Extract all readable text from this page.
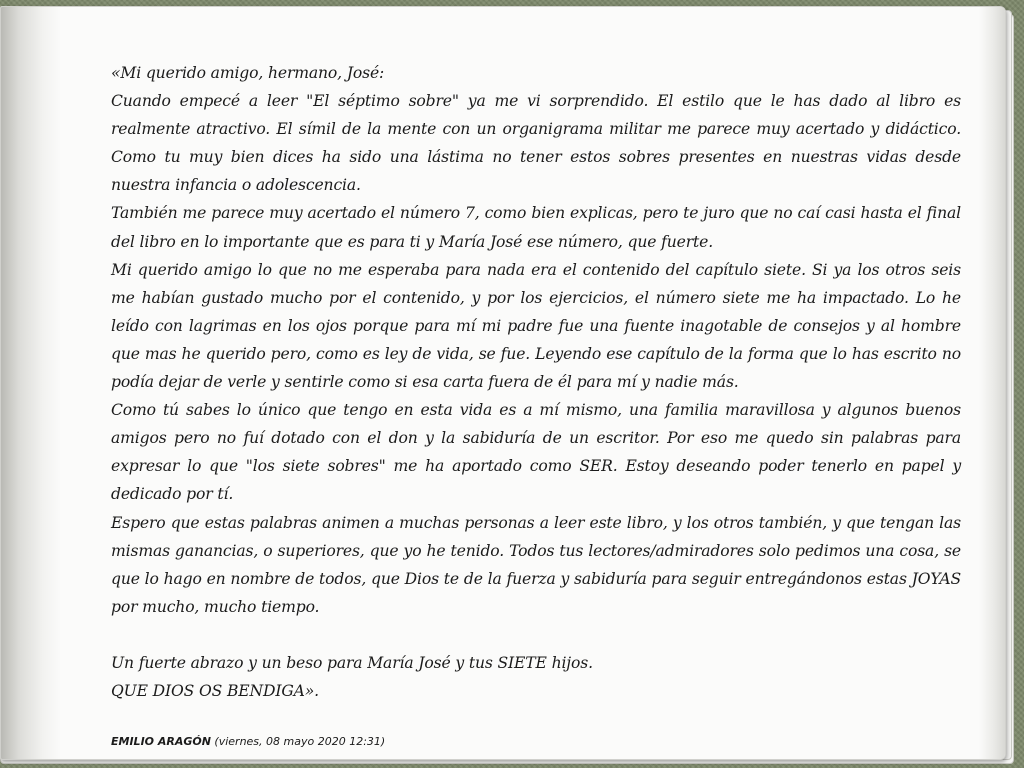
«Mi querido amigo, hermano, José:

Cuando empecé a leer "El séptimo sobre" ya me vi sorprendido. El estilo que le has dado al libro es realmente atractivo. El símil de la mente con un organigrama militar me parece muy acertado y didáctico. Como tu muy bien dices ha sido una lástima no tener estos sobres presentes en nuestras vidas desde nuestra infancia o adolescencia.

También me parece muy acertado el número 7, como bien explicas, pero te juro que no caí casi hasta el final del libro en lo importante que es para ti y María José ese número, que fuerte.

Mi querido amigo lo que no me esperaba para nada era el contenido del capítulo siete. Si ya los otros seis me habían gustado mucho por el contenido, y por los ejercicios, el número siete me ha impactado. Lo he leído con lagrimas en los ojos porque para mí mi padre fue una fuente inagotable de consejos y al hombre que mas he querido pero, como es ley de vida, se fue. Leyendo ese capítulo de la forma que lo has escrito no podía dejar de verle y sentirle como si esa carta fuera de él para mí y nadie más.

Como tú sabes lo único que tengo en esta vida es a mí mismo, una familia maravillosa y algunos buenos amigos pero no fuí dotado con el don y la sabiduría de un escritor. Por eso me quedo sin palabras para expresar lo que "los siete sobres" me ha aportado como SER. Estoy deseando poder tenerlo en papel y dedicado por tí.

Espero que estas palabras animen a muchas personas a leer este libro, y los otros también, y que tengan las mismas ganancias, o superiores, que yo he tenido. Todos tus lectores/admiradores solo pedimos una cosa, se que lo hago en nombre de todos, que Dios te de la fuerza y sabiduría para seguir entregándonos estas JOYAS por mucho, mucho tiempo.

Un fuerte abrazo y un beso para María José y tus SIETE hijos.

QUE DIOS OS BENDIGA».

EMILIO ARAGÓN (viernes, 08 mayo 2020 12:31)
